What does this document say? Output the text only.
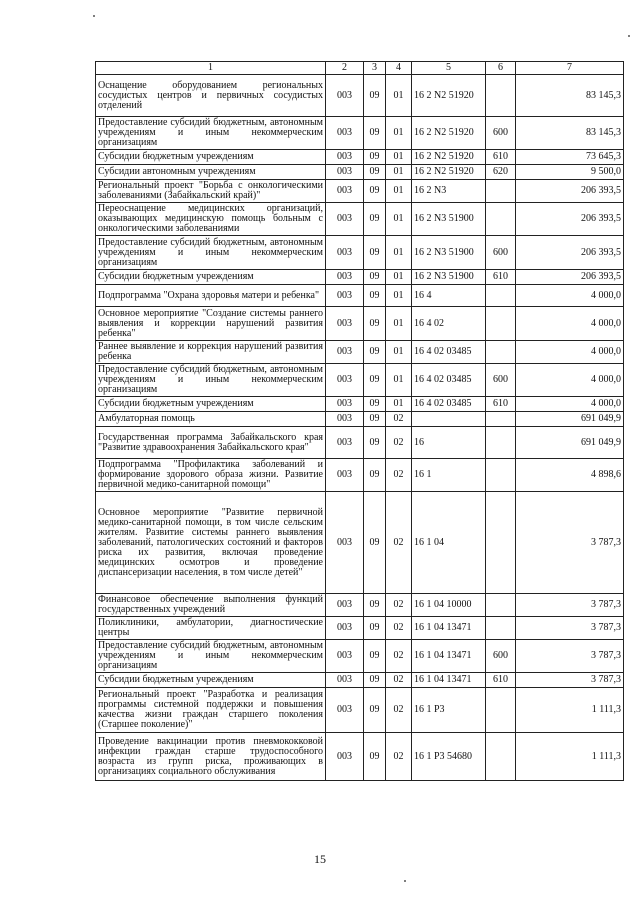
1	2	3	4	5	6	7
Оснащение оборудованием региональных сосудистых центров и первичных сосудистых отделений	003	09	01	16 2 N2 51920		83 145,3
Предоставление субсидий бюджетным, автономным учреждениям и иным некоммерческим организациям	003	09	01	16 2 N2 51920	600	83 145,3
Субсидии бюджетным учреждениям	003	09	01	16 2 N2 51920	610	73 645,3
Субсидии автономным учреждениям	003	09	01	16 2 N2 51920	620	9 500,0
Региональный проект "Борьба с онкологическими заболеваниями (Забайкальский край)"	003	09	01	16 2 N3		206 393,5
Переоснащение медицинских организаций, оказывающих медицинскую помощь больным с онкологическими заболеваниями	003	09	01	16 2 N3 51900		206 393,5
Предоставление субсидий бюджетным, автономным учреждениям и иным некоммерческим организациям	003	09	01	16 2 N3 51900	600	206 393,5
Субсидии бюджетным учреждениям	003	09	01	16 2 N3 51900	610	206 393,5
Подпрограмма "Охрана здоровья матери и ребенка"	003	09	01	16 4		4 000,0
Основное мероприятие "Создание системы раннего выявления и коррекции нарушений развития ребенка"	003	09	01	16 4 02		4 000,0
Раннее выявление и коррекция нарушений развития ребенка	003	09	01	16 4 02 03485		4 000,0
Предоставление субсидий бюджетным, автономным учреждениям и иным некоммерческим организациям	003	09	01	16 4 02 03485	600	4 000,0
Субсидии бюджетным учреждениям	003	09	01	16 4 02 03485	610	4 000,0
Амбулаторная помощь	003	09	02			691 049,9
Государственная программа Забайкальского края "Развитие здравоохранения Забайкальского края"	003	09	02	16		691 049,9
Подпрограмма "Профилактика заболеваний и формирование здорового образа жизни. Развитие первичной медико-санитарной помощи"	003	09	02	16 1		4 898,6
Основное мероприятие "Развитие первичной медико-санитарной помощи, в том числе сельским жителям. Развитие системы раннего выявления заболеваний, патологических состояний и факторов риска их развития, включая проведение медицинских осмотров и проведение диспансеризации населения, в том числе детей"	003	09	02	16 1 04		3 787,3
Финансовое обеспечение выполнения функций государственных учреждений	003	09	02	16 1 04 10000		3 787,3
Поликлиники, амбулатории, диагностические центры	003	09	02	16 1 04 13471		3 787,3
Предоставление субсидий бюджетным, автономным учреждениям и иным некоммерческим организациям	003	09	02	16 1 04 13471	600	3 787,3
Субсидии бюджетным учреждениям	003	09	02	16 1 04 13471	610	3 787,3
Региональный проект "Разработка и реализация программы системной поддержки и повышения качества жизни граждан старшего поколения (Старшее поколение)"	003	09	02	16 1 P3		1 111,3
Проведение вакцинации против пневмококковой инфекции граждан старше трудоспособного возраста из групп риска, проживающих в организациях социального обслуживания	003	09	02	16 1 P3 54680		1 111,3
15
